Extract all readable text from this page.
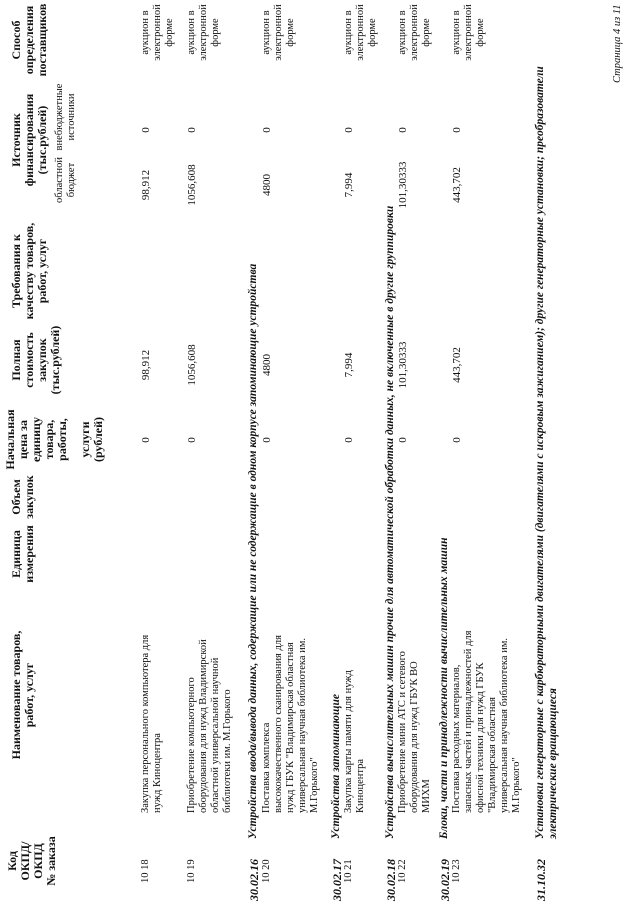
Код ОКПД/ ОКПД № заказа
Наименование товаров, работ, услуг
Единица измерения
Объем закупок
Начальная цена за единицу товара, работы, услуги (рублей)
Полная стоимость закупок (тыс.рублей)
Требования к качеству товаров, работ, услуг
Источник финансирования (тыс.рублей)
областной бюджет
внебюджетные источники
Способ определения поставщиков
10 18
Закупка персонального компьютера для нужд Киноцентра
0
98,912
98,912
0
аукцион в электронной форме
10 19
Приобретение компьютерного оборудования для нужд Владимирской областной универсальной научной библиотеки им. М.Горького
0
1056,608
1056,608
0
аукцион в электронной форме
30.02.16
Устройства ввода/вывода данных, содержащие или не содержащие в одном корпусе запоминающие устройства
10 20
Поставка комплекса высококачественного сканирования для нужд ГБУК "Владимирская областная универсальная научная библиотека им. М.Горького"
0
4800
4800
0
аукцион в электронной форме
30.02.17
Устройства запоминающие
10 21
Закупка карты памяти для нужд Киноцентра
0
7,994
7,994
0
аукцион в электронной форме
30.02.18
Устройства вычислительных машин прочие для автоматической обработки данных, не включенные в другие группировки
10 22
Приобретение мини АТС и сетевого оборудования для нужд ГБУК ВО МИХМ
0
101,30333
101,30333
0
аукцион в электронной форме
30.02.19
Блоки, части и принадлежности вычислительных машин
10 23
Поставка расходных материалов, запасных частей и принадлежностей для офисной техники для нужд ГБУК "Владимирская областная универсальная научная библиотека им. М.Горького"
0
443,702
443,702
0
аукцион в электронной форме
31.10.32
Установки генераторные с карбюраторными двигателями (двигателями с искровым зажиганием); другие генераторные установки; преобразователи электрические вращающиеся
Страница 4 из 11
